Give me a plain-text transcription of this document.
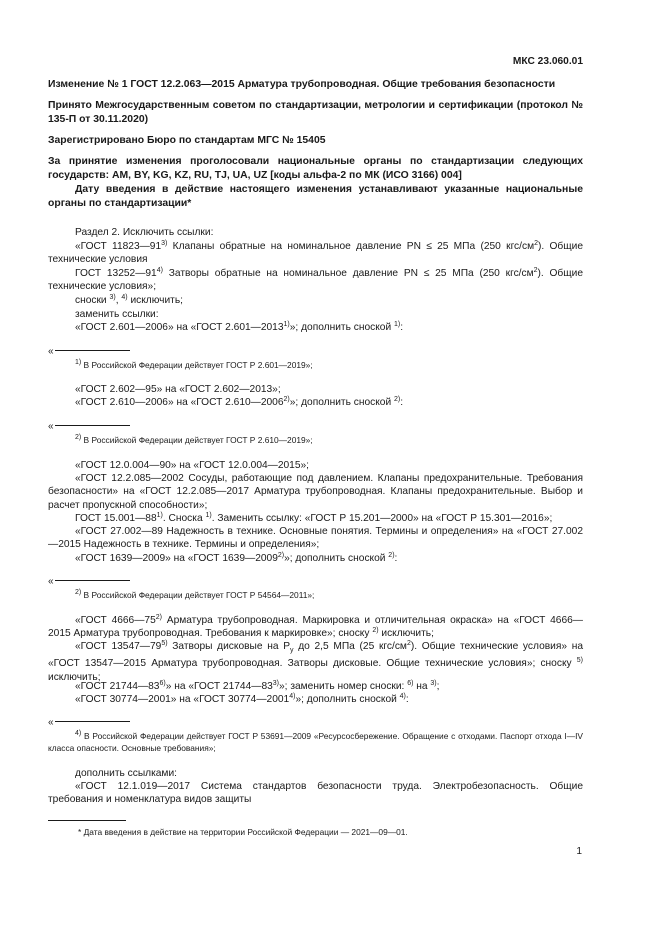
МКС 23.060.01
Изменение № 1 ГОСТ 12.2.063—2015 Арматура трубопроводная. Общие требования безопасности
Принято Межгосударственным советом по стандартизации, метрологии и сертификации (протокол № 135-П от 30.11.2020)
Зарегистрировано Бюро по стандартам МГС № 15405
За принятие изменения проголосовали национальные органы по стандартизации следующих государств: AM, BY, KG, KZ, RU, TJ, UA, UZ [коды альфа-2 по МК (ИСО 3166) 004]
Дату введения в действие настоящего изменения устанавливают указанные национальные органы по стандартизации*
Раздел 2. Исключить ссылки:
«ГОСТ 11823—91$^{3)}$ Клапаны обратные на номинальное давление PN ≤ 25 МПа (250 кгс/$см^2$). Общие технические условия
ГОСТ 13252—91$^{4)}$ Затворы обратные на номинальное давление PN ≤ 25 МПа (250 кгс/$см^2$). Общие технические условия»;
сноски $^{3)}$, $^{4)}$ исключить;
заменить ссылки:
«ГОСТ 2.601—2006» на «ГОСТ 2.601—2013$^{1)}$»; дополнить сноской $^{1)}$:
«
$^{1)}$ В Российской Федерации действует ГОСТ Р 2.601—2019»;
«ГОСТ 2.602—95» на «ГОСТ 2.602—2013»;
«ГОСТ 2.610—2006» на «ГОСТ 2.610—2006$^{2)}$»; дополнить сноской $^{2)}$:
«
$^{2)}$ В Российской Федерации действует ГОСТ Р 2.610—2019»;
«ГОСТ 12.0.004—90» на «ГОСТ 12.0.004—2015»;
«ГОСТ 12.2.085—2002 Сосуды, работающие под давлением. Клапаны предохранительные. Требования безопасности» на «ГОСТ 12.2.085—2017 Арматура трубопроводная. Клапаны предохранительные. Выбор и расчет пропускной способности»;
ГОСТ 15.001—88$^{1)}$. Сноска $^{1)}$. Заменить ссылку: «ГОСТ Р 15.201—2000» на «ГОСТ Р 15.301—2016»;
«ГОСТ 27.002—89 Надежность в технике. Основные понятия. Термины и определения» на «ГОСТ 27.002—2015 Надежность в технике. Термины и определения»;
«ГОСТ 1639—2009» на «ГОСТ 1639—2009$^{2)}$»; дополнить сноской $^{2)}$:
«
$^{2)}$ В Российской Федерации действует ГОСТ Р 54564—2011»;
«ГОСТ 4666—75$^{2)}$ Арматура трубопроводная. Маркировка и отличительная окраска» на «ГОСТ 4666—2015 Арматура трубопроводная. Требования к маркировке»; сноску $^{2)}$ исключить;
«ГОСТ 13547—79$^{5)}$ Затворы дисковые на $P_y$ до 2,5 МПа (25 кгс/$см^2$). Общие технические условия» на «ГОСТ 13547—2015 Арматура трубопроводная. Затворы дисковые. Общие технические условия»; сноску $^{5)}$ исключить;
«ГОСТ 21744—83$^{6)}$» на «ГОСТ 21744—83$^{3)}$»; заменить номер сноски: $^{6)}$ на $^{3)}$;
«ГОСТ 30774—2001» на «ГОСТ 30774—2001$^{4)}$»; дополнить сноской $^{4)}$:
«
$^{4)}$ В Российской Федерации действует ГОСТ Р 53691—2009 «Ресурсосбережение. Обращение с отходами. Паспорт отхода I—IV класса опасности. Основные требования»;
дополнить ссылками:
«ГОСТ 12.1.019—2017 Система стандартов безопасности труда. Электробезопасность. Общие требования и номенклатура видов защиты
* Дата введения в действие на территории Российской Федерации — 2021—09—01.
1
